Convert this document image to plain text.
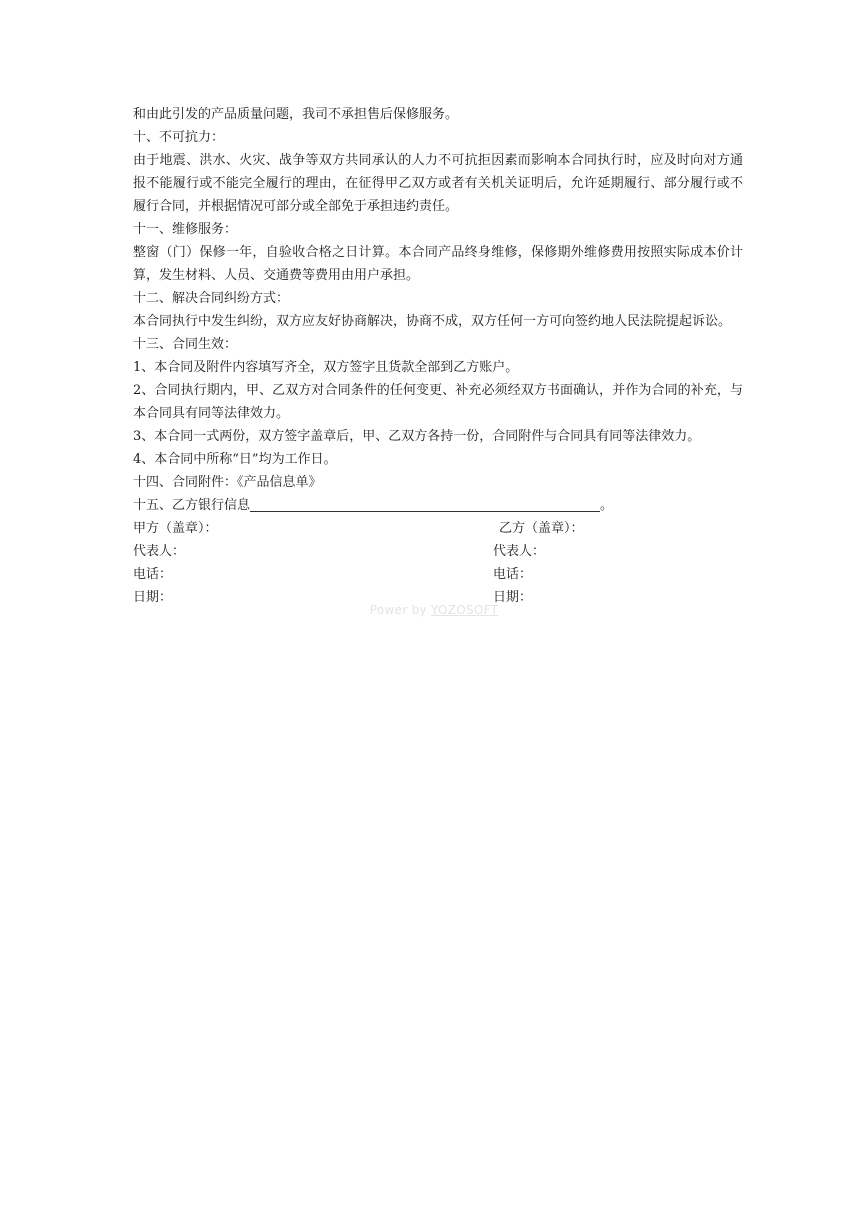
和由此引发的产品质量问题，我司不承担售后保修服务。
十、不可抗力：
由于地震、洪水、火灾、战争等双方共同承认的人力不可抗拒因素而影响本合同执行时，应及时向对方通报不能履行或不能完全履行的理由，在征得甲乙双方或者有关机关证明后，允许延期履行、部分履行或不履行合同，并根据情况可部分或全部免于承担违约责任。
十一、维修服务：
整窗（门）保修一年，自验收合格之日计算。本合同产品终身维修，保修期外维修费用按照实际成本价计算，发生材料、人员、交通费等费用由用户承担。
十二、解决合同纠纷方式：
本合同执行中发生纠纷，双方应友好协商解决，协商不成，双方任何一方可向签约地人民法院提起诉讼。
十三、合同生效：
1、本合同及附件内容填写齐全，双方签字且货款全部到乙方账户。
2、合同执行期内，甲、乙双方对合同条件的任何变更、补充必须经双方书面确认，并作为合同的补充，与本合同具有同等法律效力。
3、本合同一式两份，双方签字盖章后，甲、乙双方各持一份，合同附件与合同具有同等法律效力。
4、本合同中所称“日”均为工作日。
十四、合同附件：《产品信息单》
十五、乙方银行信息	。
甲方（盖章）：	乙方（盖章）：
代表人：	代表人：
电话：	电话：
日期：	日期：
Power by YOZOSOFT
